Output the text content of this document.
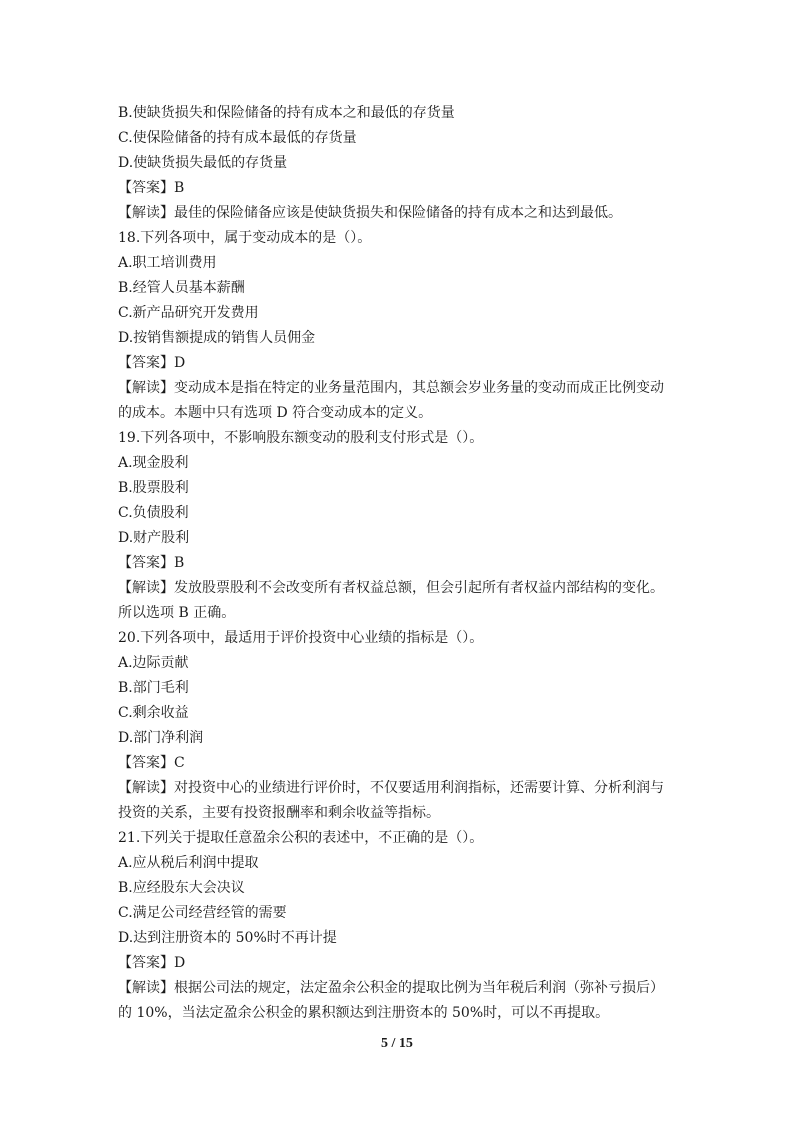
B.使缺货损失和保险储备的持有成本之和最低的存货量
C.使保险储备的持有成本最低的存货量
D.使缺货损失最低的存货量
【答案】B
【解读】最佳的保险储备应该是使缺货损失和保险储备的持有成本之和达到最低。
18.下列各项中，属于变动成本的是（）。
A.职工培训费用
B.经管人员基本薪酬
C.新产品研究开发费用
D.按销售额提成的销售人员佣金
【答案】D
【解读】变动成本是指在特定的业务量范围内，其总额会岁业务量的变动而成正比例变动
的成本。本题中只有选项 D 符合变动成本的定义。
19.下列各项中，不影响股东额变动的股利支付形式是（）。
A.现金股利
B.股票股利
C.负债股利
D.财产股利
【答案】B
【解读】发放股票股利不会改变所有者权益总额，但会引起所有者权益内部结构的变化。
所以选项 B 正确。
20.下列各项中，最适用于评价投资中心业绩的指标是（）。
A.边际贡献
B.部门毛利
C.剩余收益
D.部门净利润
【答案】C
【解读】对投资中心的业绩进行评价时，不仅要适用利润指标，还需要计算、分析利润与
投资的关系，主要有投资报酬率和剩余收益等指标。
21.下列关于提取任意盈余公积的表述中，不正确的是（）。
A.应从税后利润中提取
B.应经股东大会决议
C.满足公司经营经管的需要
D.达到注册资本的 50%时不再计提
【答案】D
【解读】根据公司法的规定，法定盈余公积金的提取比例为当年税后利润（弥补亏损后）
的 10%，当法定盈余公积金的累积额达到注册资本的 50%时，可以不再提取。
5 / 15
